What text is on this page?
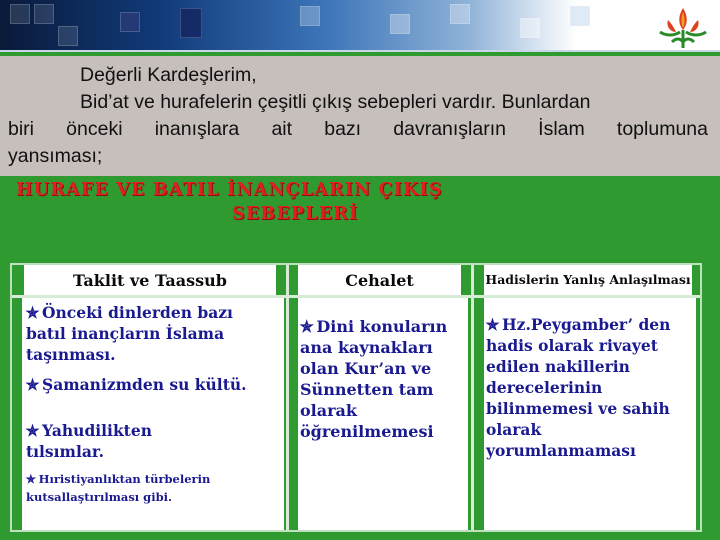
Değerli Kardeşlerim,

Bid’at ve hurafelerin çeşitli çıkış sebepleri vardır. Bunlardan

biri önceki inanışlara ait bazı davranışların İslam toplumuna

yansıması;

HURAFE VE BATIL İNANÇLARIN ÇIKIŞ
SEBEPLERİ
Taklit ve Taassub	Cehalet	Hadislerin Yanlış Anlaşılması
✯ Önceki dinlerden bazı batıl inançların İslama taşınması.
✯ Şamanizmden su kültü.
✯ Yahudilikten tılsımlar.
✯ Hıristiyanlıktan türbelerin kutsallaştırılması gibi.
✯ Dini konuların ana kaynakları olan Kur’an ve Sünnetten tam olarak öğrenilmemesi
✯ Hz.Peygamber’ den hadis olarak rivayet edilen nakillerin derecelerinin bilinmemesi ve sahih olarak yorumlanmaması
